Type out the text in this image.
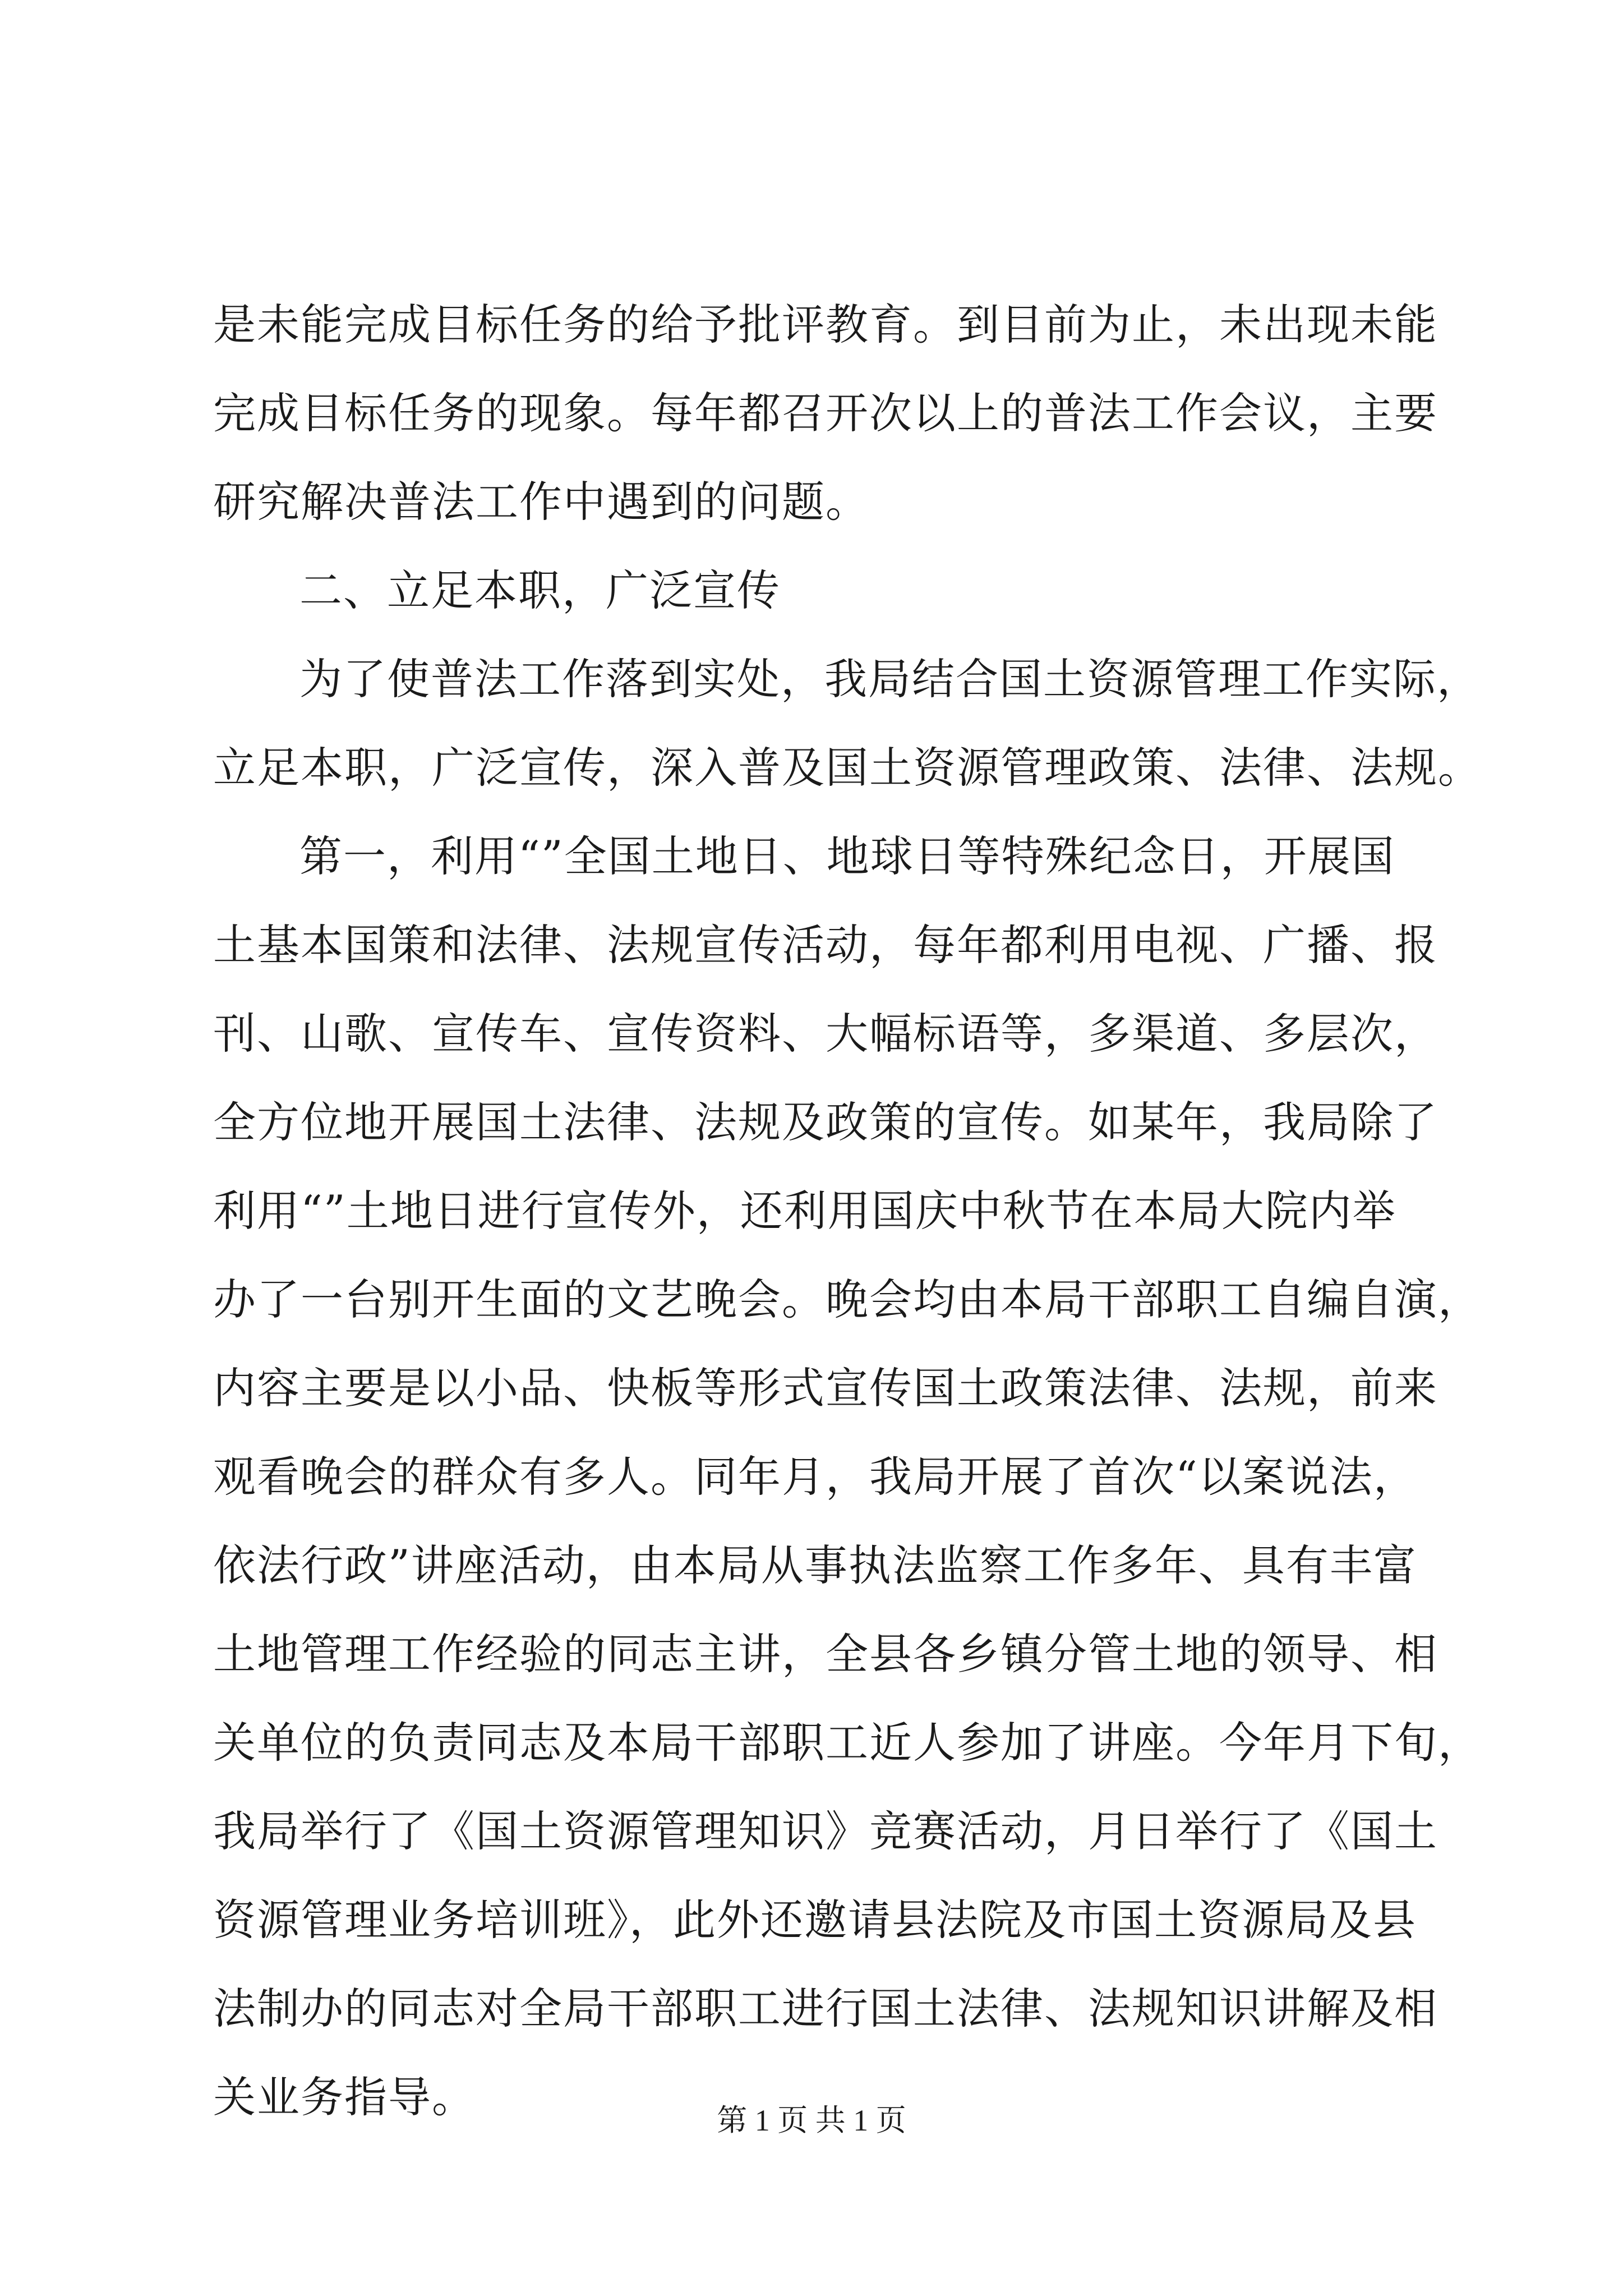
是未能完成目标任务的给予批评教育。到目前为止，未出现未能
完成目标任务的现象。每年都召开次以上的普法工作会议，主要
研究解决普法工作中遇到的问题。
二、立足本职，广泛宣传
为了使普法工作落到实处，我局结合国土资源管理工作实际，
立足本职，广泛宣传，深入普及国土资源管理政策、法律、法规。
第一，利用“”全国土地日、地球日等特殊纪念日，开展国
土基本国策和法律、法规宣传活动，每年都利用电视、广播、报
刊、山歌、宣传车、宣传资料、大幅标语等，多渠道、多层次，
全方位地开展国土法律、法规及政策的宣传。如某年，我局除了
利用“”土地日进行宣传外，还利用国庆中秋节在本局大院内举
办了一台别开生面的文艺晚会。晚会均由本局干部职工自编自演，
内容主要是以小品、快板等形式宣传国土政策法律、法规，前来
观看晚会的群众有多人。同年月，我局开展了首次“以案说法，
依法行政”讲座活动，由本局从事执法监察工作多年、具有丰富
土地管理工作经验的同志主讲，全县各乡镇分管土地的领导、相
关单位的负责同志及本局干部职工近人参加了讲座。今年月下旬，
我局举行了《国土资源管理知识》竞赛活动，月日举行了《国土
资源管理业务培训班》，此外还邀请县法院及市国土资源局及县
法制办的同志对全局干部职工进行国土法律、法规知识讲解及相
关业务指导。	第 1 页 共 1 页
